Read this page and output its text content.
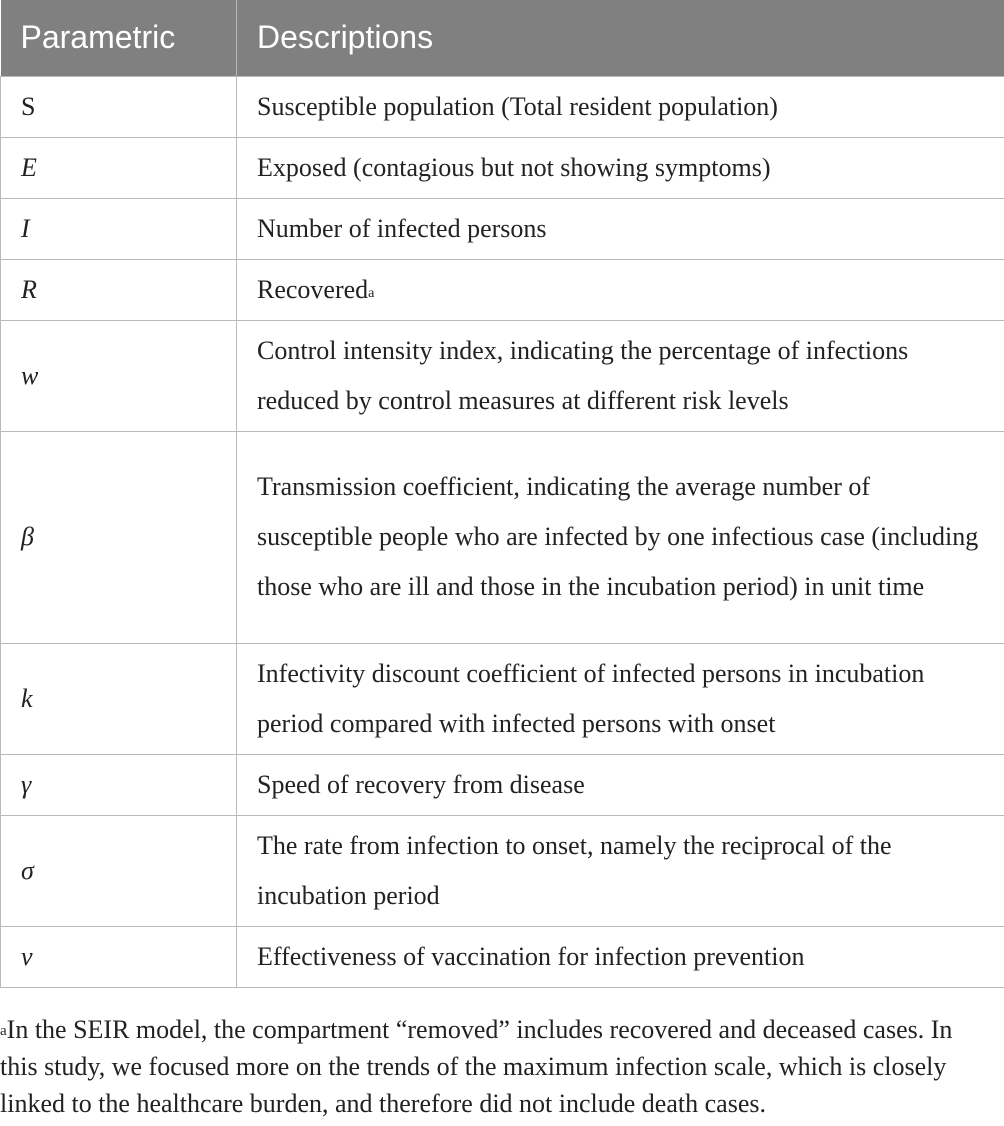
Parametric	Descriptions
S	Susceptible population (Total resident population)
E	Exposed (contagious but not showing symptoms)
I	Number of infected persons
R	Recovered$^a$
w	Control intensity index, indicating the percentage of infections reduced by control measures at different risk levels
β	Transmission coefficient, indicating the average number of susceptible people who are infected by one infectious case (including those who are ill and those in the incubation period) in unit time
k	Infectivity discount coefficient of infected persons in incubation period compared with infected persons with onset
γ	Speed of recovery from disease
σ	The rate from infection to onset, namely the reciprocal of the incubation period
ν	Effectiveness of vaccination for infection prevention
$^a$In the SEIR model, the compartment “removed” includes recovered and deceased cases. In this study, we focused more on the trends of the maximum infection scale, which is closely linked to the healthcare burden, and therefore did not include death cases.
